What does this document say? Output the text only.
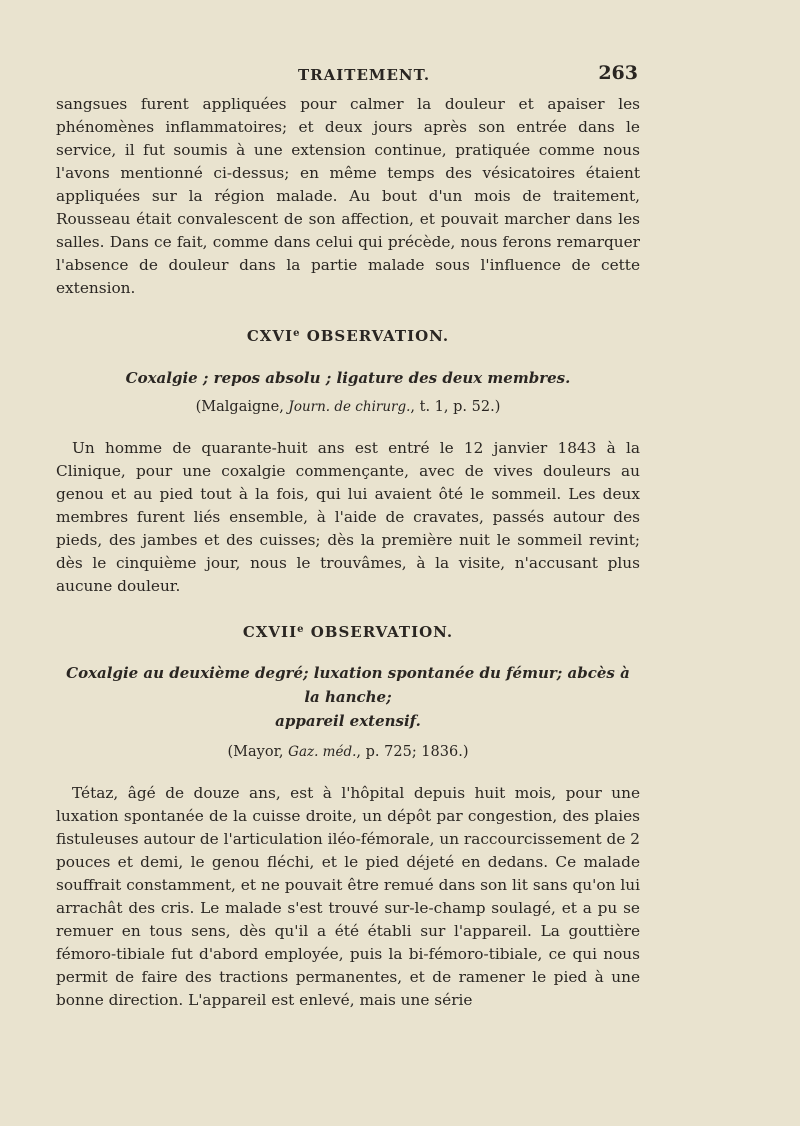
TRAITEMENT.	263

sangsues furent appliquées pour calmer la douleur et apaiser les phénomènes inflammatoires; et deux jours après son entrée dans le service, il fut soumis à une extension continue, pratiquée comme nous l'avons mentionné ci-dessus; en même temps des vésicatoires étaient appliquées sur la région malade. Au bout d'un mois de traitement, Rousseau était convalescent de son affection, et pouvait marcher dans les salles. Dans ce fait, comme dans celui qui précède, nous ferons remarquer l'absence de douleur dans la partie malade sous l'influence de cette extension.

CXVIe OBSERVATION.
Coxalgie ; repos absolu ; ligature des deux membres.
(Malgaigne, Journ. de chirurg., t. 1, p. 52.)

Un homme de quarante-huit ans est entré le 12 janvier 1843 à la Clinique, pour une coxalgie commençante, avec de vives douleurs au genou et au pied tout à la fois, qui lui avaient ôté le sommeil. Les deux membres furent liés ensemble, à l'aide de cravates, passés autour des pieds, des jambes et des cuisses; dès la première nuit le sommeil revint; dès le cinquième jour, nous le trouvâmes, à la visite, n'accusant plus aucune douleur.

CXVIIe OBSERVATION.
Coxalgie au deuxième degré; luxation spontanée du fémur; abcès à la hanche;
appareil extensif.
(Mayor, Gaz. méd., p. 725; 1836.)

Tétaz, âgé de douze ans, est à l'hôpital depuis huit mois, pour une luxation spontanée de la cuisse droite, un dépôt par congestion, des plaies fistuleuses autour de l'articulation iléo-fémorale, un raccourcissement de 2 pouces et demi, le genou fléchi, et le pied déjeté en dedans. Ce malade souffrait constamment, et ne pouvait être remué dans son lit sans qu'on lui arrachât des cris. Le malade s'est trouvé sur-le-champ soulagé, et a pu se remuer en tous sens, dès qu'il a été établi sur l'appareil. La gouttière fémoro-tibiale fut d'abord employée, puis la bi-fémoro-tibiale, ce qui nous permit de faire des tractions permanentes, et de ramener le pied à une bonne direction. L'appareil est enlevé, mais une série
